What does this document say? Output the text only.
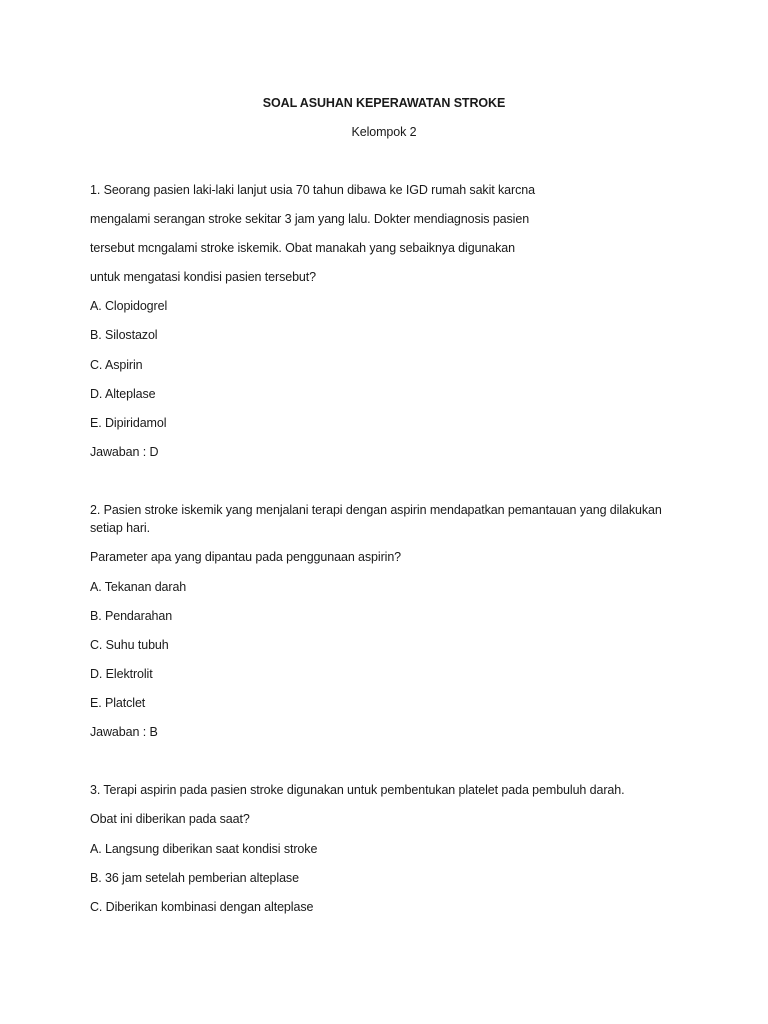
SOAL ASUHAN KEPERAWATAN STROKE
Kelompok 2
1. Seorang pasien laki-laki lanjut usia 70 tahun dibawa ke IGD rumah sakit karcna
mengalami serangan stroke sekitar 3 jam yang lalu. Dokter mendiagnosis pasien
tersebut mcngalami stroke iskemik. Obat manakah yang sebaiknya digunakan
untuk mengatasi kondisi pasien tersebut?
A. Clopidogrel
B. Silostazol
C. Aspirin
D. Alteplase
E. Dipiridamol
Jawaban : D
2. Pasien stroke iskemik yang menjalani terapi dengan aspirin mendapatkan pemantauan yang dilakukan setiap hari.
Parameter apa yang dipantau pada penggunaan aspirin?
A. Tekanan darah
B. Pendarahan
C. Suhu tubuh
D. Elektrolit
E. Platclet
Jawaban : B
3. Terapi aspirin pada pasien stroke digunakan untuk pembentukan platelet pada pembuluh darah.
Obat ini diberikan pada saat?
A. Langsung diberikan saat kondisi stroke
B. 36 jam setelah pemberian alteplase
C. Diberikan kombinasi dengan alteplase
